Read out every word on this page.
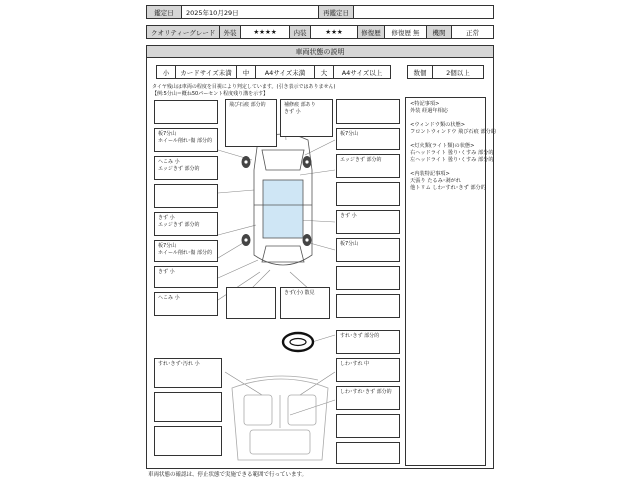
鑑定日	2025年10月29日	再鑑定日
クオリティーグレード	外装	★★★★	内装	★★★	修復歴	修復歴 無	機関	正常
車両状態の説明
小	カードサイズ未満	中	A4サイズ未満	大	A4サイズ以上	数個	2個以上
タイヤ残山は車両の程度を目視により判定しています。(引き表示ではありません)
【例:5分山＝概ね50パーセント程度残り溝を示す】
<特記事項>
外装 経過年相応
<ウィンドウ類の状態>
フロントウィンドウ 飛び石痕 部分的
<灯火類(ライト類)の状態>
右ヘッドライト 曇り･くすみ 部分的
左ヘッドライト 曇り･くすみ 部分的
<内装特記事項>
天張り たるみ･剥がれ
他トリム しわ･すれ･きず 部分的
飛び石痕 部分的	補修痕 部あり
きず 小
板7分山
ホイール削れ･傷 部分的
へこみ 小
エッジきず 部分的
きず 小
エッジきず 部分的
板7分山
ホイール削れ･傷 部分的
きず 小
へこみ 小
板7分山
エッジきず 部分的
きず 小
板7分山
きず(小) 散見
すれ･きず 部分的
すれ･きず･汚れ 小	しわ･すれ 中
しわ･すれ･きず 部分的
車両状態の確認は、停止状態で実施できる範囲で行っています。
